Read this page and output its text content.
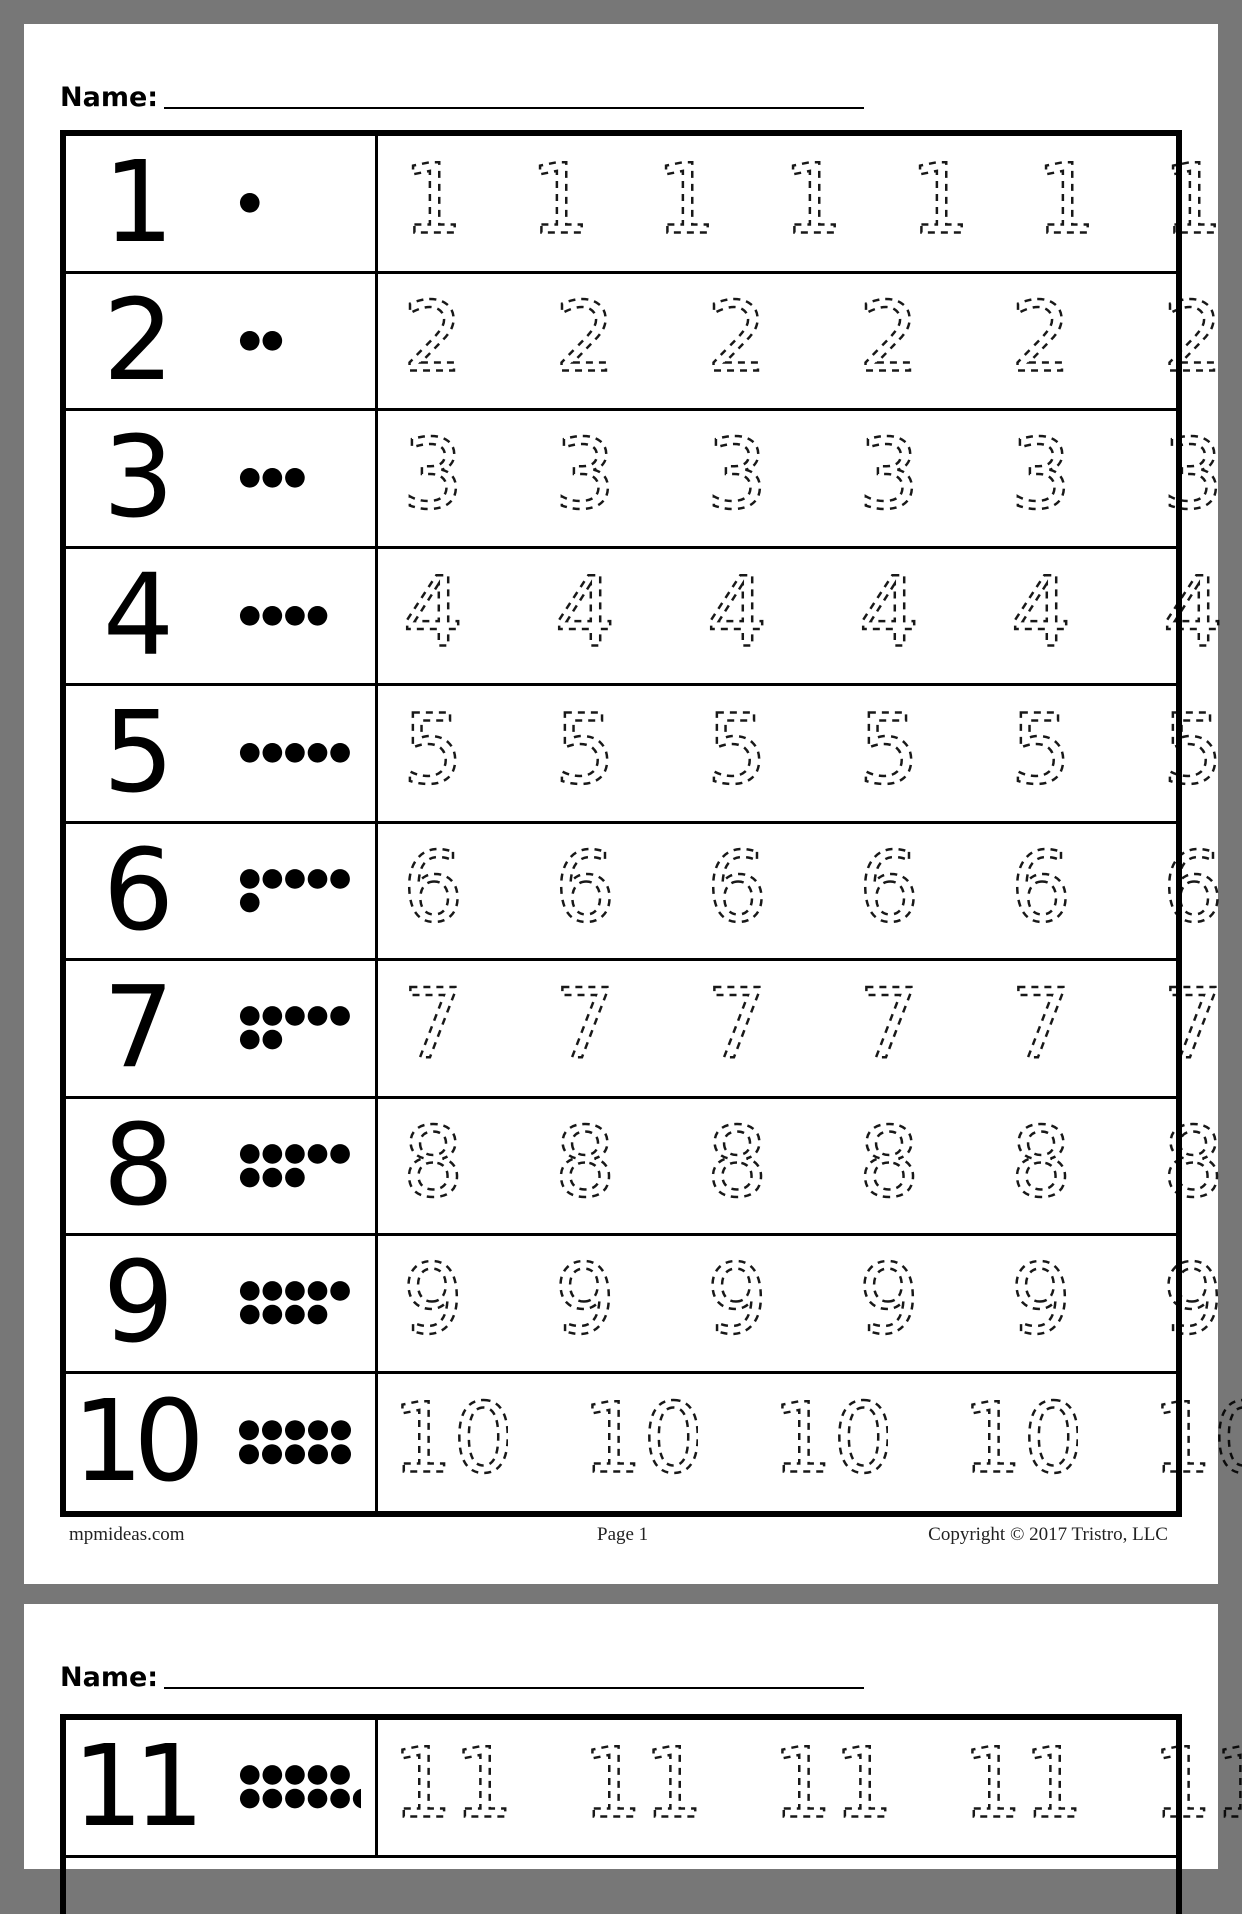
Name:
1
2
3
4
5
6
7
8
9
10
mpmideas.com	Page 1	Copyright © 2017 Tristro, LLC
Name:
11
